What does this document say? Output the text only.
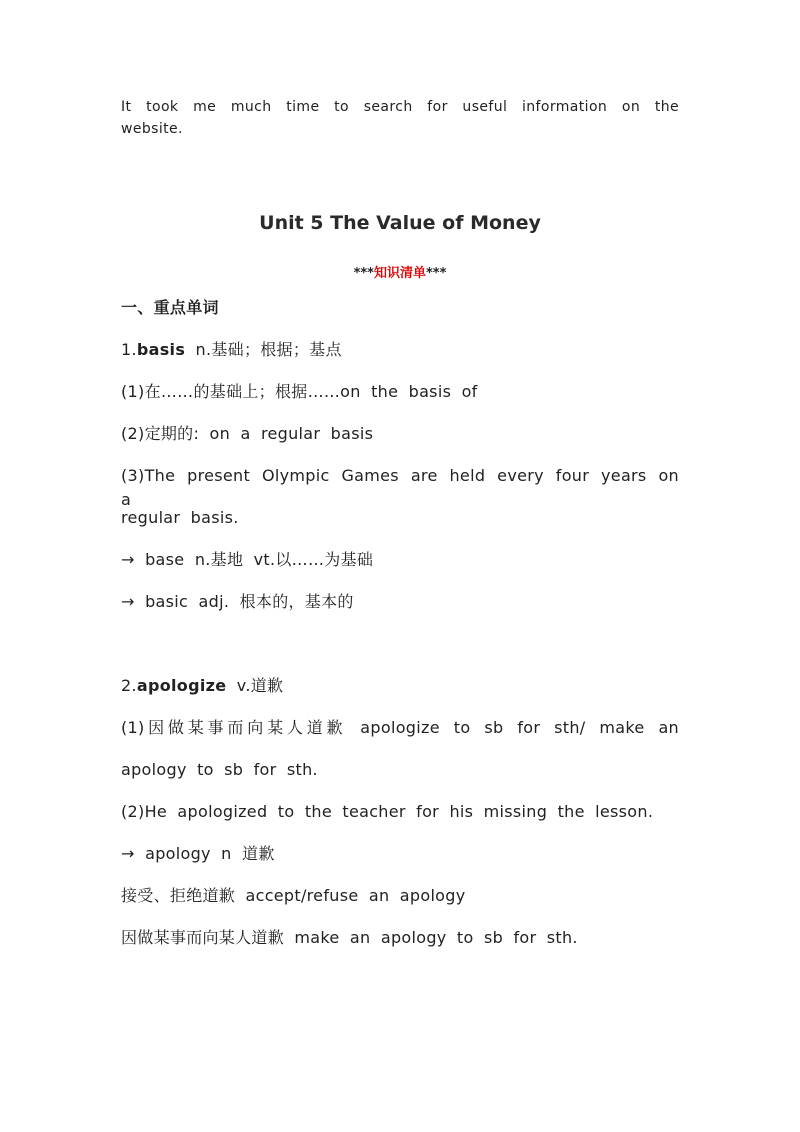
It took me much time to search for useful information on the website.
Unit 5 The Value of Money
***知识清单***
一、重点单词
1.basis n.基础；根据；基点
(1)在……的基础上；根据……on the basis of
(2)定期的: on a regular basis
(3)The present Olympic Games are held every four years on a
regular basis.
→ base n.基地 vt.以……为基础
→ basic adj. 根本的，基本的
2.apologize v.道歉
(1)因做某事而向某人道歉 apologize to sb for sth/ make an
apology to sb for sth.
(2)He apologized to the teacher for his missing the lesson.
→ apology n 道歉
接受、拒绝道歉 accept/refuse an apology
因做某事而向某人道歉 make an apology to sb for sth.
